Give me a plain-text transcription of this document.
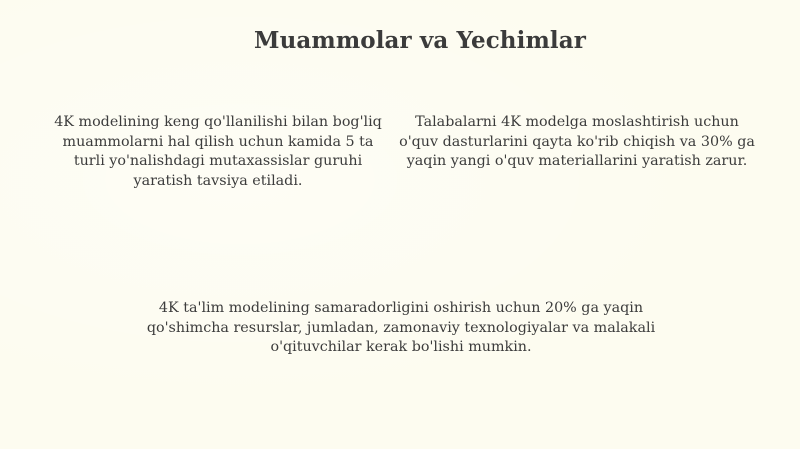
Muammolar va Yechimlar

4K modelining keng qo'llanilishi bilan bog'liq muammolarni hal qilish uchun kamida 5 ta turli yo'nalishdagi mutaxassislar guruhi yaratish tavsiya etiladi.

Talabalarni 4K modelga moslashtirish uchun o'quv dasturlarini qayta ko'rib chiqish va 30% ga yaqin yangi o'quv materiallarini yaratish zarur.

4K ta'lim modelining samaradorligini oshirish uchun 20% ga yaqin qo'shimcha resurslar, jumladan, zamonaviy texnologiyalar va malakali o'qituvchilar kerak bo'lishi mumkin.
